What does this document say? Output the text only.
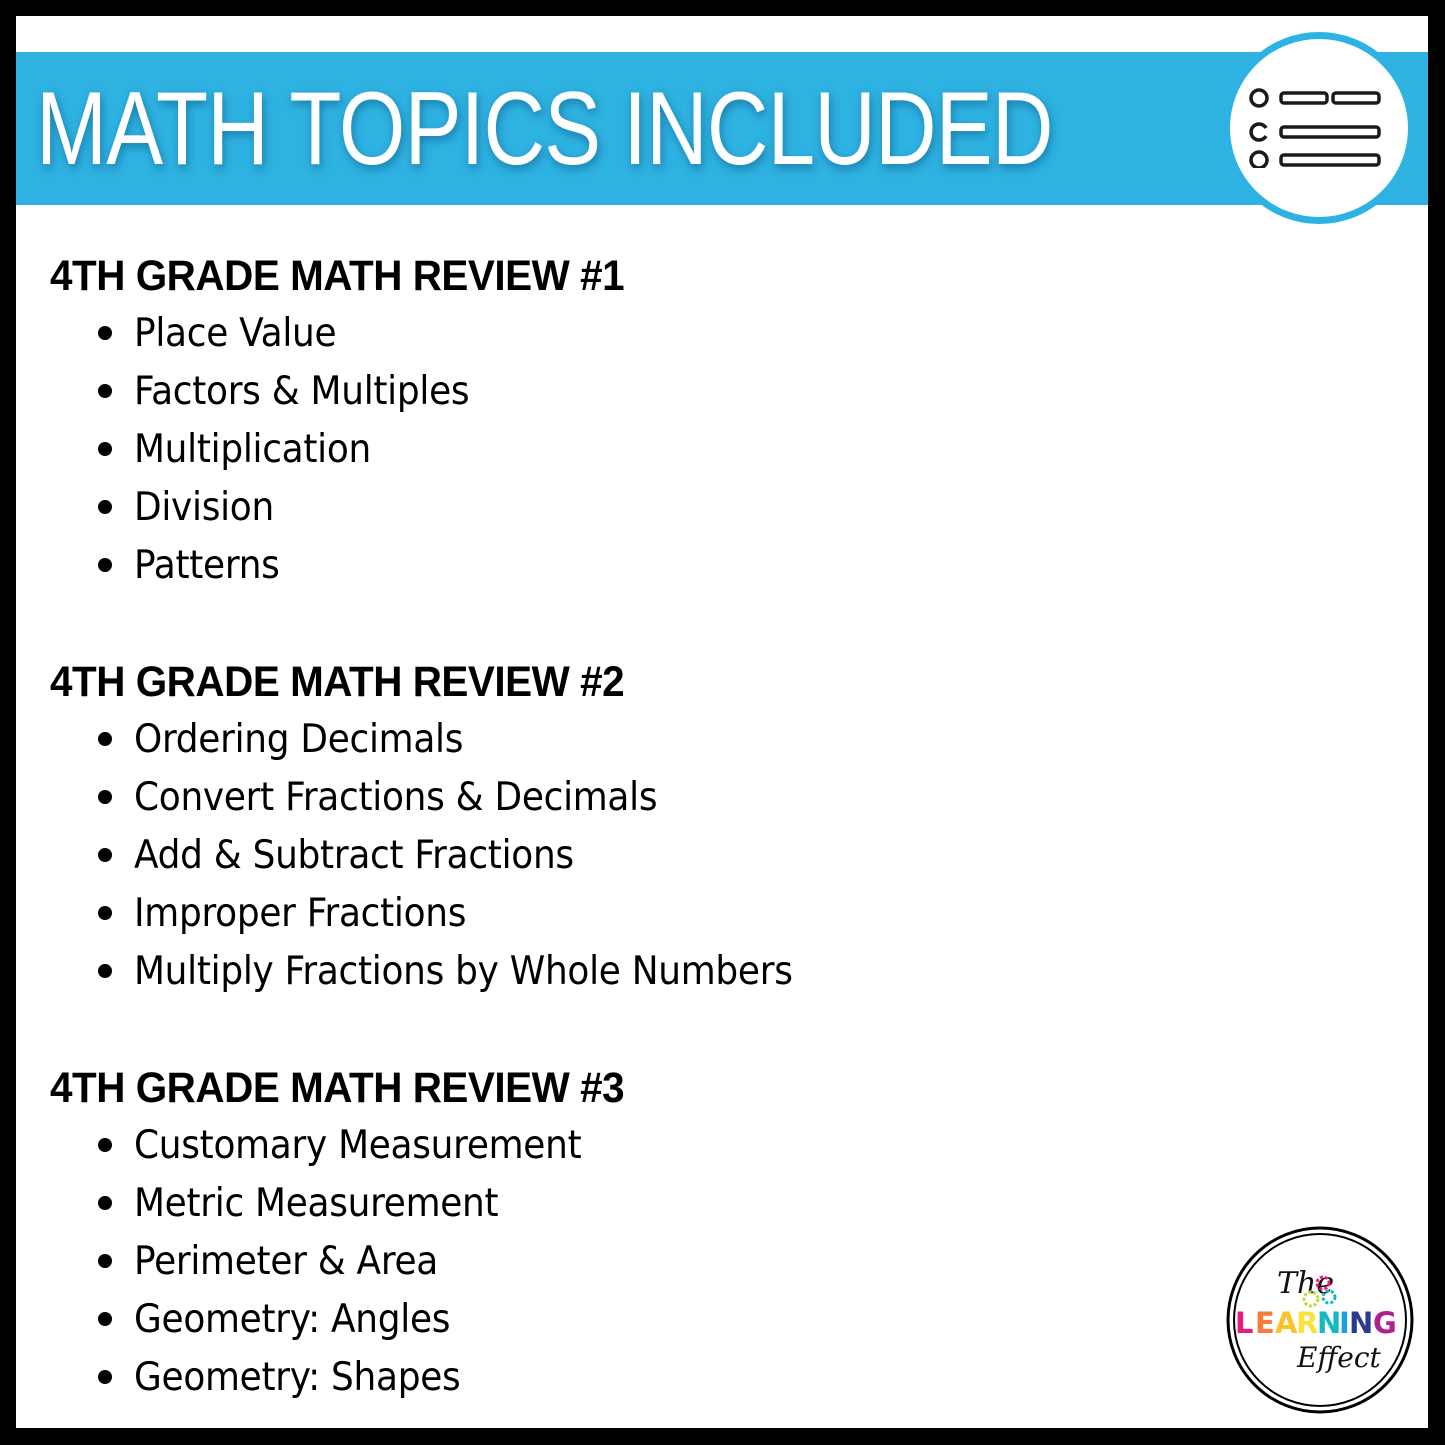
MATH TOPICS INCLUDED
4TH GRADE MATH REVIEW #1
Place Value
Factors & Multiples
Multiplication
Division
Patterns
4TH GRADE MATH REVIEW #2
Ordering Decimals
Convert Fractions & Decimals
Add & Subtract Fractions
Improper Fractions
Multiply Fractions by Whole Numbers
4TH GRADE MATH REVIEW #3
Customary Measurement
Metric Measurement
Perimeter & Area
Geometry: Angles
Geometry: Shapes
The
L E A
R
N
I N G
Effect
